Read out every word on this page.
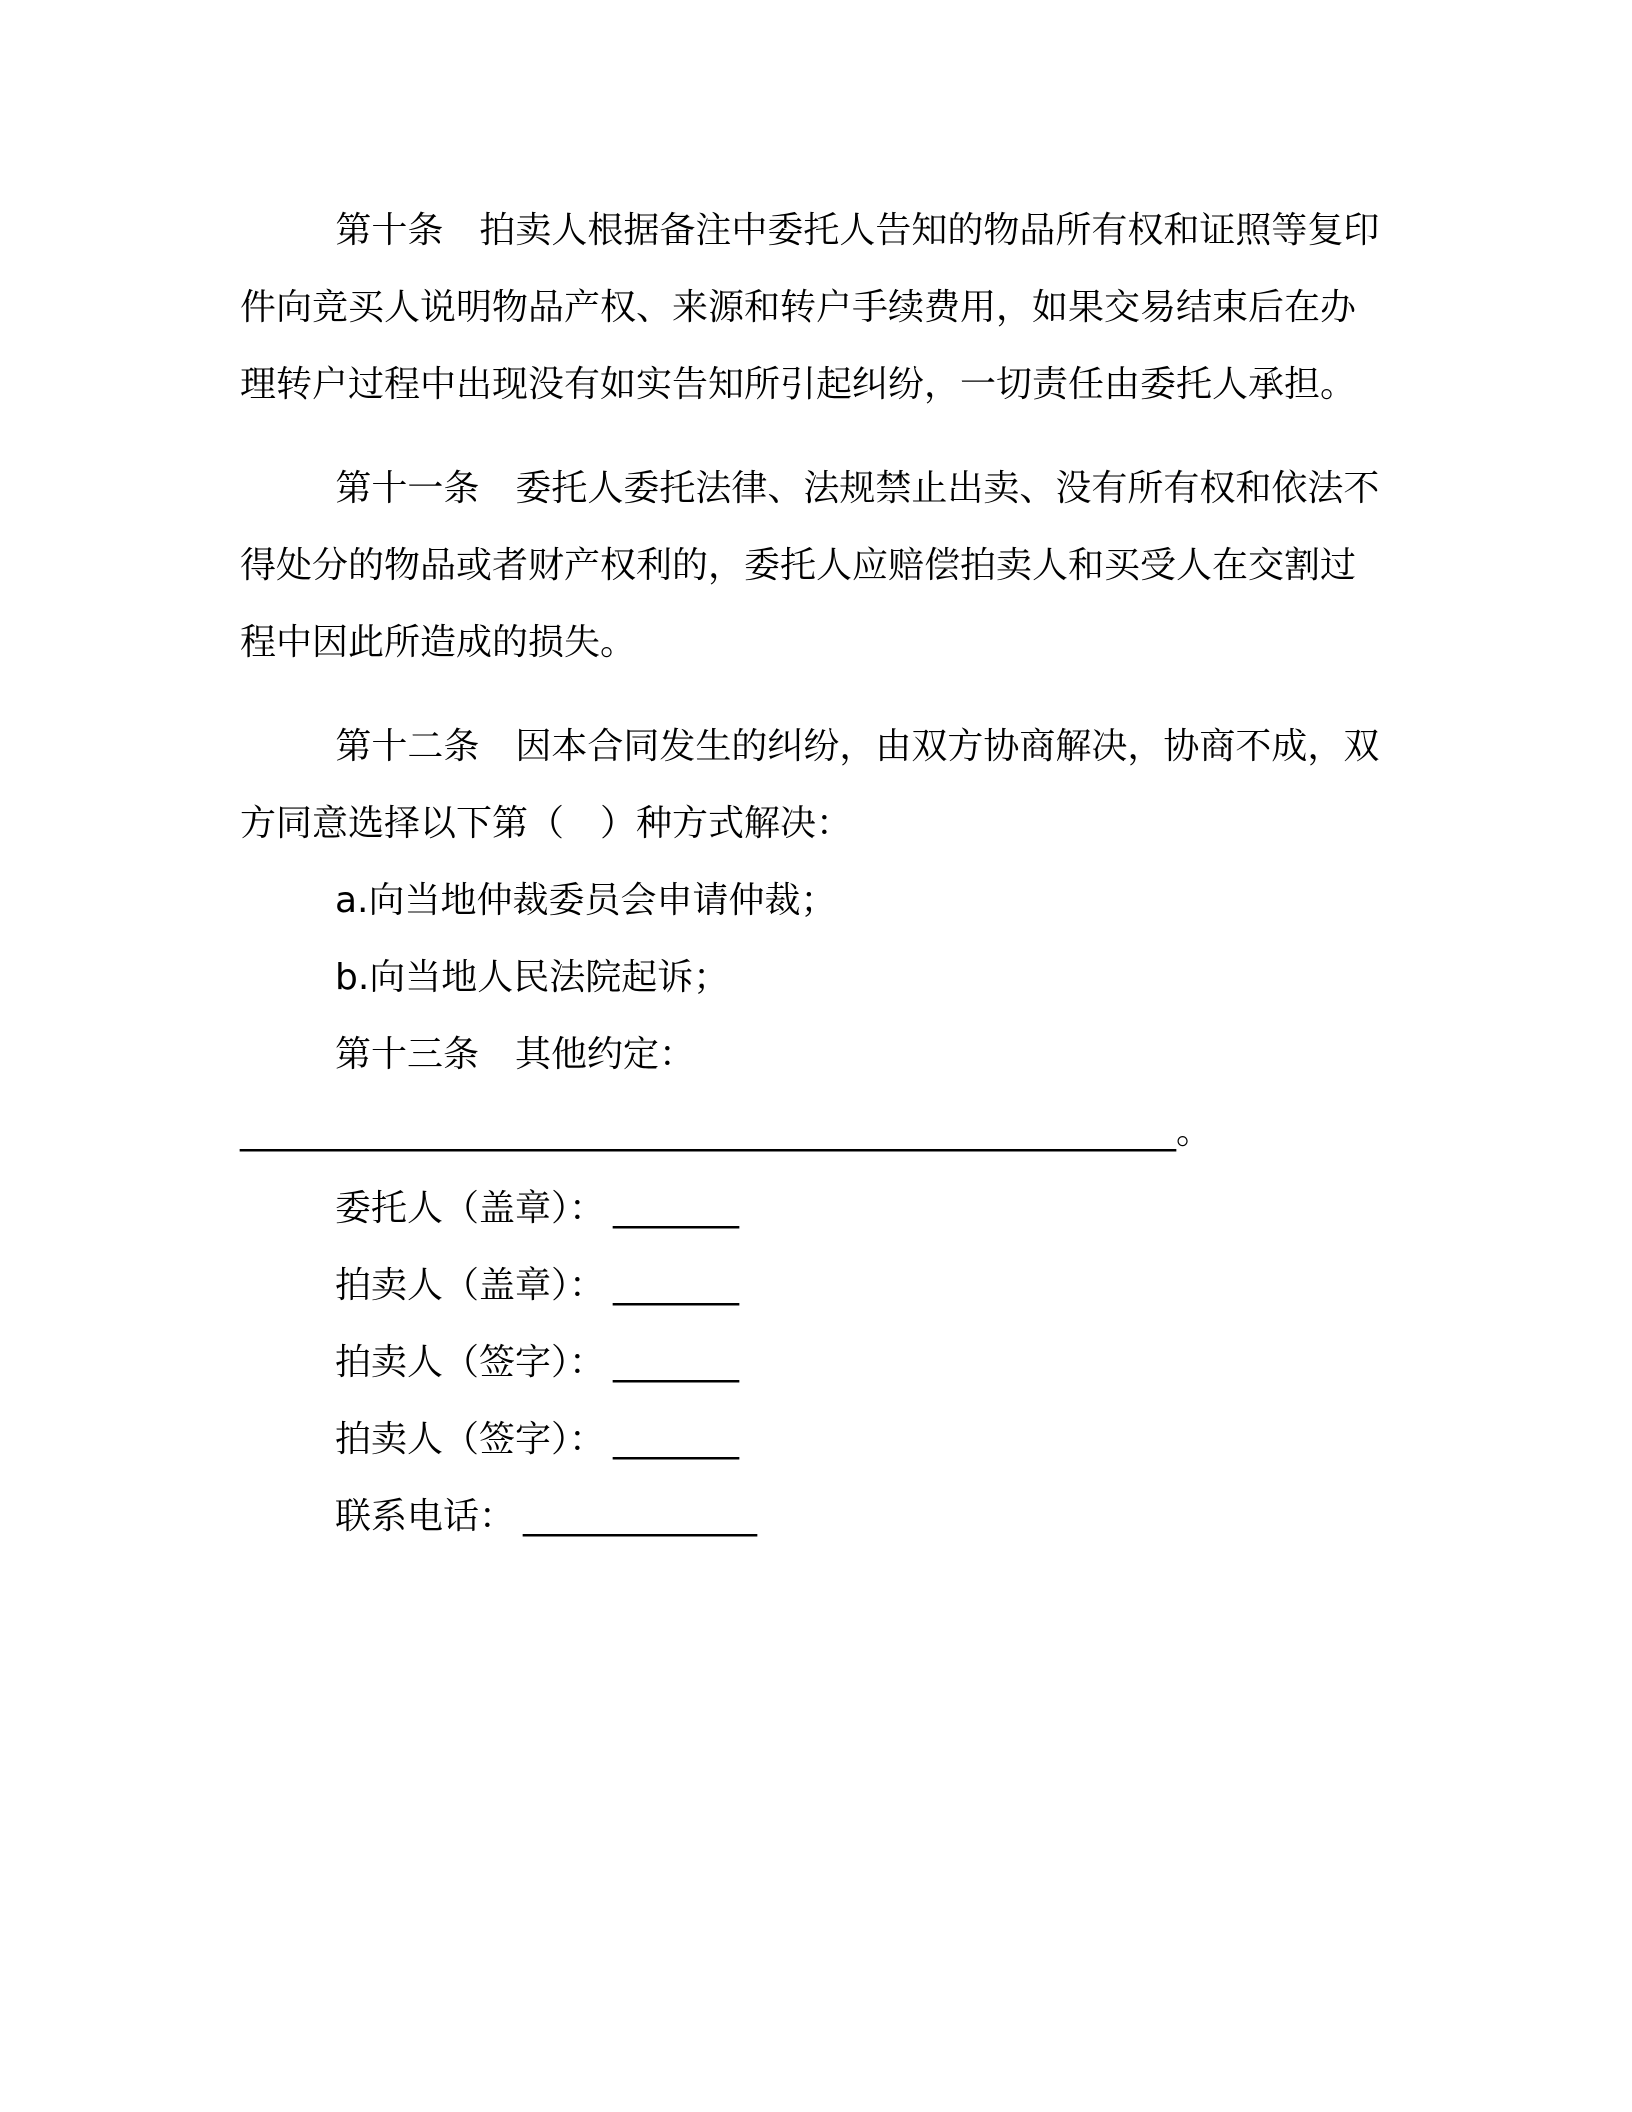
第十条　拍卖人根据备注中委托人告知的物品所有权和证照等复印件向竞买人说明物品产权、来源和转户手续费用，如果交易结束后在办理转户过程中出现没有如实告知所引起纠纷，一切责任由委托人承担。

第十一条　委托人委托法律、法规禁止出卖、没有所有权和依法不得处分的物品或者财产权利的，委托人应赔偿拍卖人和买受人在交割过程中因此所造成的损失。

第十二条　因本合同发生的纠纷，由双方协商解决，协商不成，双方同意选择以下第（　）种方式解决：

a.向当地仲裁委员会申请仲裁；

b.向当地人民法院起诉；

第十三条　其他约定：

____________________________________________________。

委托人（盖章）： _______

拍卖人（盖章）： _______

拍卖人（签字）： _______

拍卖人（签字）： _______

联系电话： _____________
